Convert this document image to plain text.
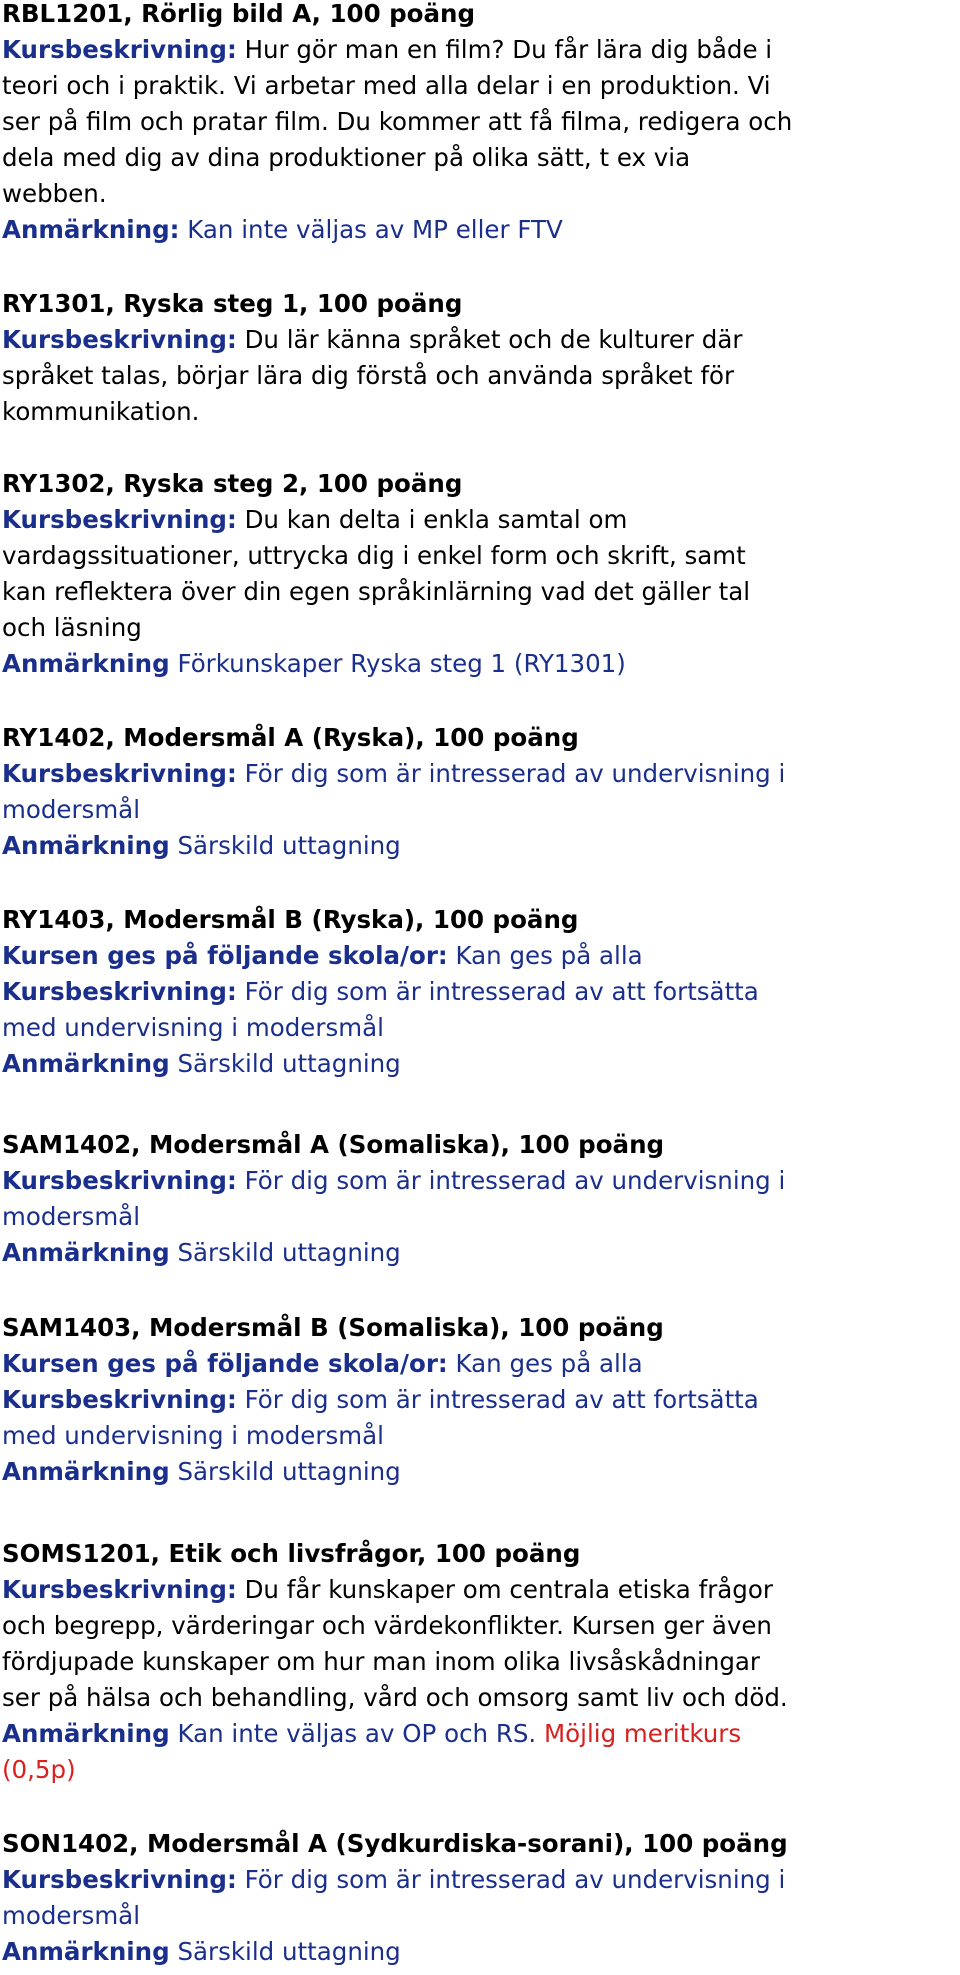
RBL1201, Rörlig bild A, 100 poäng
Kursbeskrivning: Hur gör man en film? Du får lära dig både i
teori och i praktik. Vi arbetar med alla delar i en produktion. Vi
ser på film och pratar film. Du kommer att få filma, redigera och
dela med dig av dina produktioner på olika sätt, t ex via
webben.
Anmärkning: Kan inte väljas av MP eller FTV
RY1301, Ryska steg 1, 100 poäng
Kursbeskrivning: Du lär känna språket och de kulturer där
språket talas, börjar lära dig förstå och använda språket för
kommunikation.
RY1302, Ryska steg 2, 100 poäng
Kursbeskrivning: Du kan delta i enkla samtal om
vardagssituationer, uttrycka dig i enkel form och skrift, samt
kan reflektera över din egen språkinlärning vad det gäller tal
och läsning
Anmärkning Förkunskaper Ryska steg 1 (RY1301)
RY1402, Modersmål A (Ryska), 100 poäng
Kursbeskrivning: För dig som är intresserad av undervisning i
modersmål
Anmärkning Särskild uttagning
RY1403, Modersmål B (Ryska), 100 poäng
Kursen ges på följande skola/or: Kan ges på alla
Kursbeskrivning: För dig som är intresserad av att fortsätta
med undervisning i modersmål
Anmärkning Särskild uttagning
SAM1402, Modersmål A (Somaliska), 100 poäng
Kursbeskrivning: För dig som är intresserad av undervisning i
modersmål
Anmärkning Särskild uttagning
SAM1403, Modersmål B (Somaliska), 100 poäng
Kursen ges på följande skola/or: Kan ges på alla
Kursbeskrivning: För dig som är intresserad av att fortsätta
med undervisning i modersmål
Anmärkning Särskild uttagning
SOMS1201, Etik och livsfrågor, 100 poäng
Kursbeskrivning: Du får kunskaper om centrala etiska frågor
och begrepp, värderingar och värdekonflikter. Kursen ger även
fördjupade kunskaper om hur man inom olika livsåskådningar
ser på hälsa och behandling, vård och omsorg samt liv och död.
Anmärkning Kan inte väljas av OP och RS. Möjlig meritkurs
(0,5p)
SON1402, Modersmål A (Sydkurdiska-sorani), 100 poäng
Kursbeskrivning: För dig som är intresserad av undervisning i
modersmål
Anmärkning Särskild uttagning
